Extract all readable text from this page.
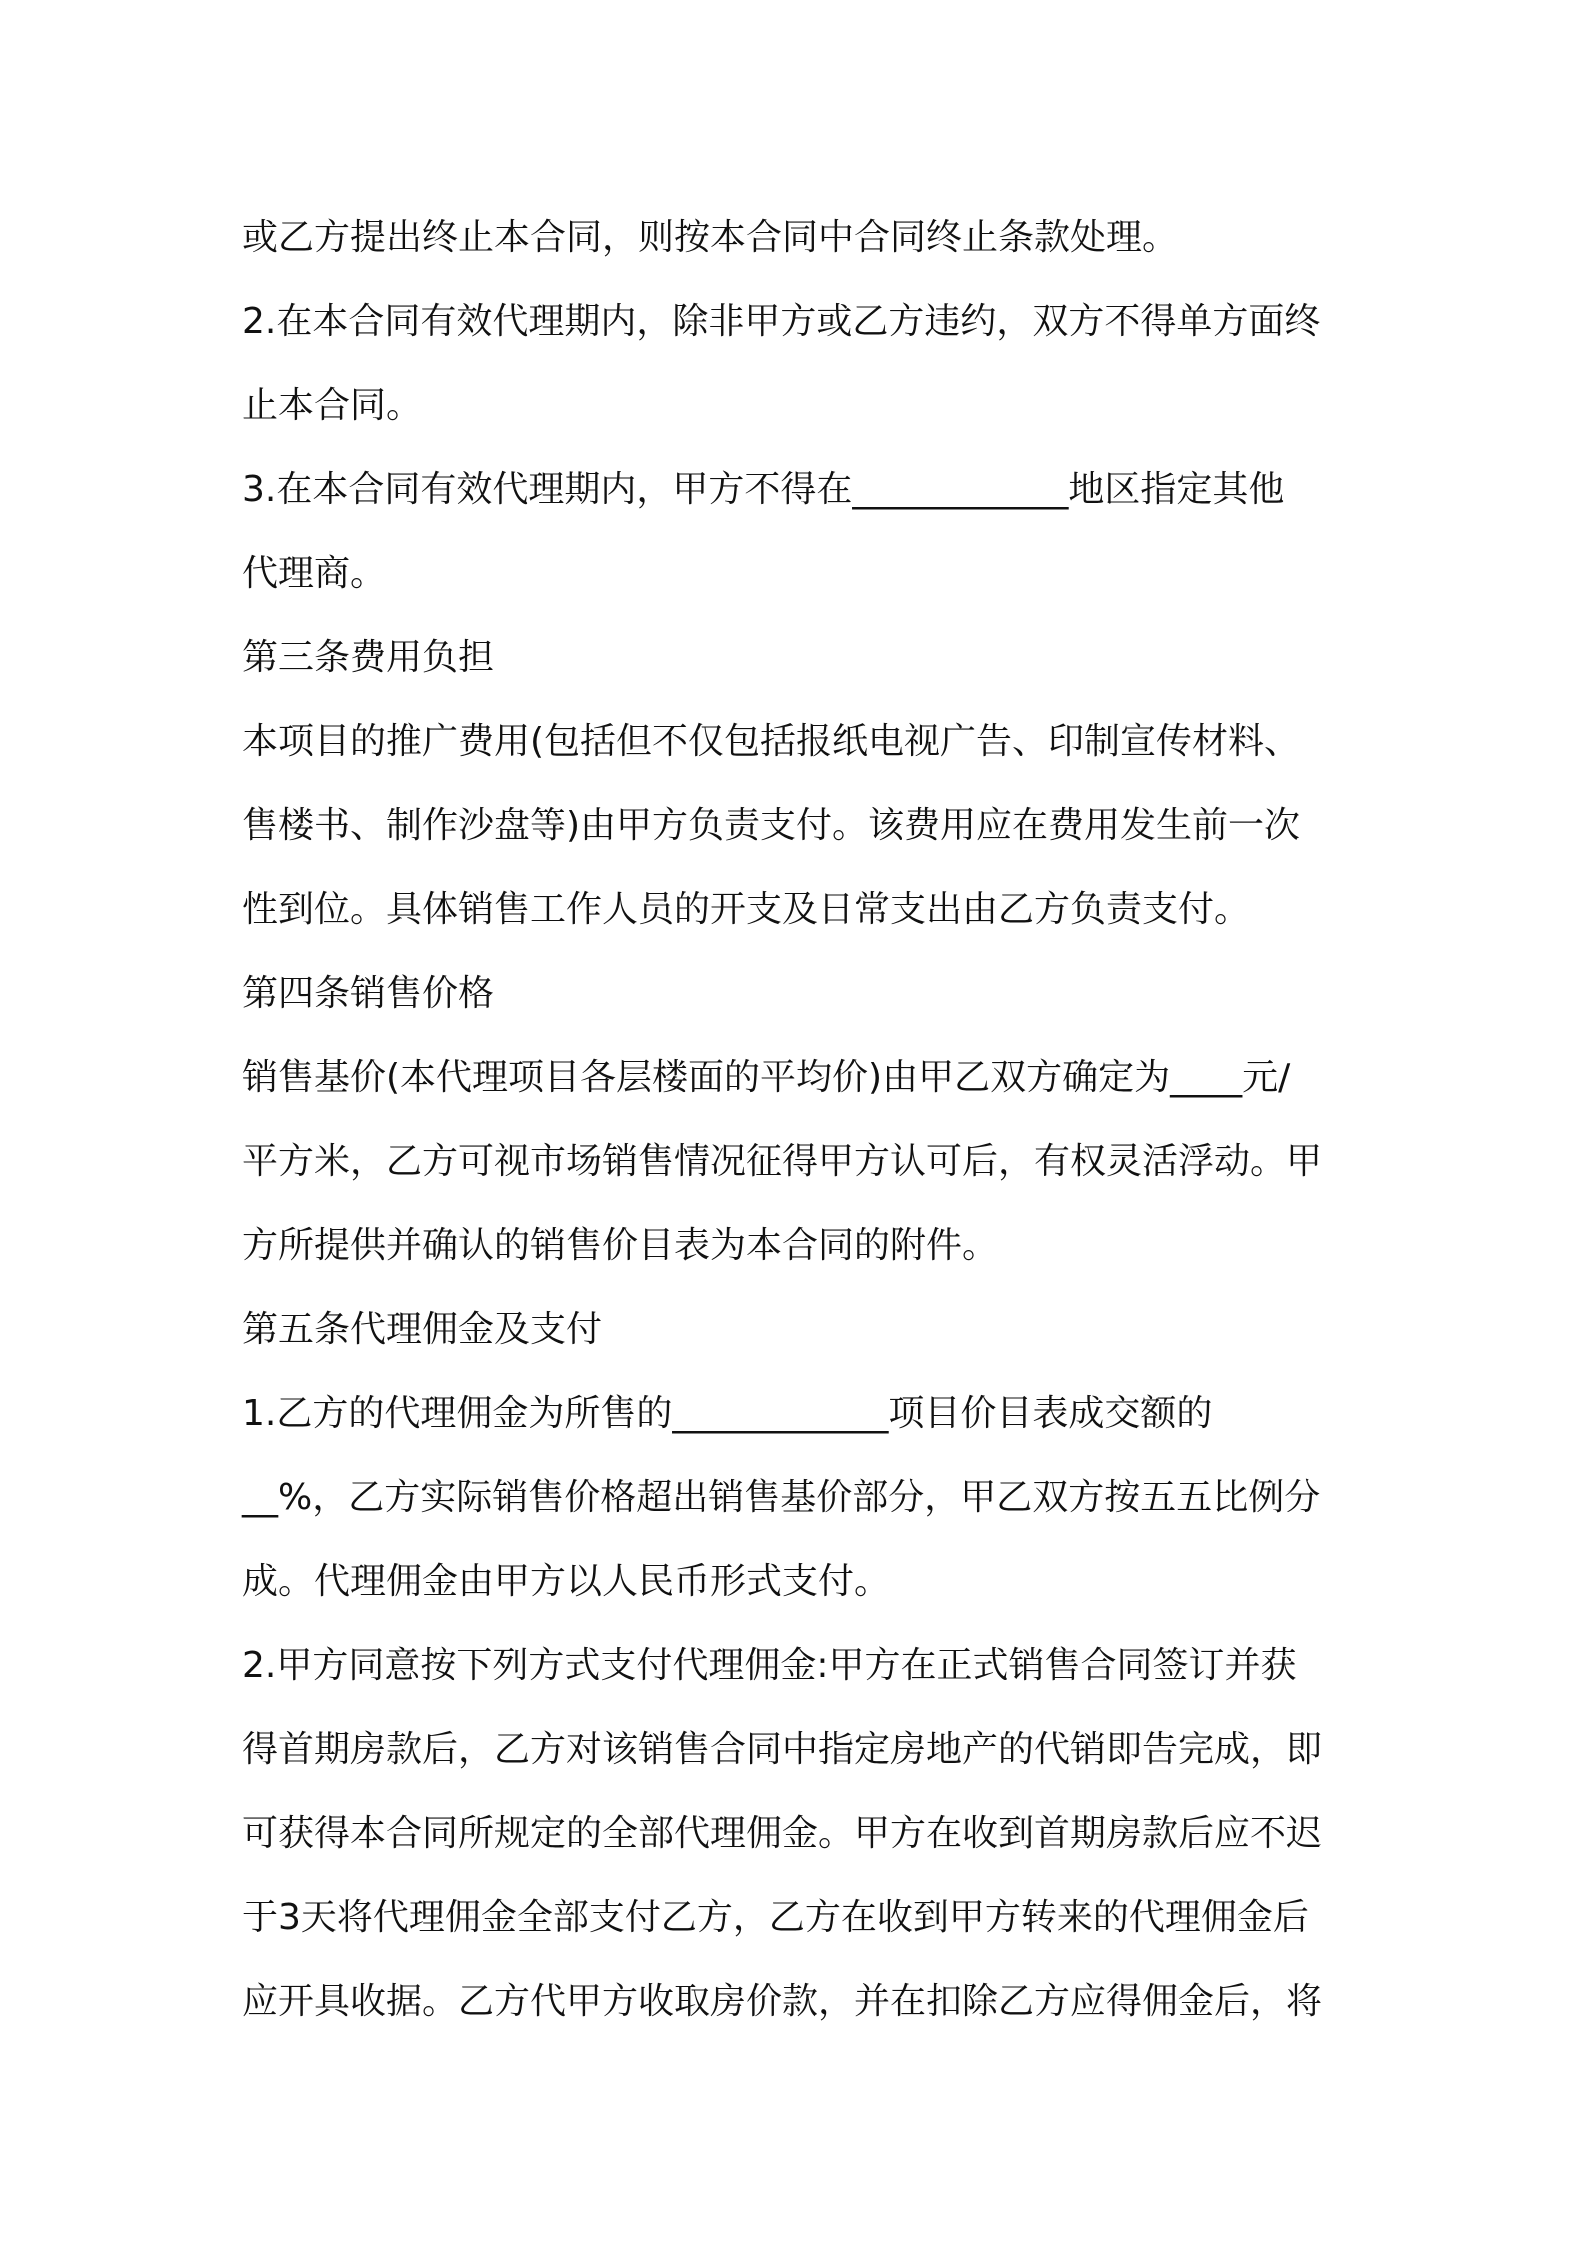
或乙方提出终止本合同，则按本合同中合同终止条款处理。
2.在本合同有效代理期内，除非甲方或乙方违约，双方不得单方面终
止本合同。
3.在本合同有效代理期内，甲方不得在____________地区指定其他
代理商。
第三条费用负担
本项目的推广费用(包括但不仅包括报纸电视广告、印制宣传材料、
售楼书、制作沙盘等)由甲方负责支付。该费用应在费用发生前一次
性到位。具体销售工作人员的开支及日常支出由乙方负责支付。
第四条销售价格
销售基价(本代理项目各层楼面的平均价)由甲乙双方确定为____元/
平方米，乙方可视市场销售情况征得甲方认可后，有权灵活浮动。甲
方所提供并确认的销售价目表为本合同的附件。
第五条代理佣金及支付
1.乙方的代理佣金为所售的____________项目价目表成交额的
__%，乙方实际销售价格超出销售基价部分，甲乙双方按五五比例分
成。代理佣金由甲方以人民币形式支付。
2.甲方同意按下列方式支付代理佣金:甲方在正式销售合同签订并获
得首期房款后，乙方对该销售合同中指定房地产的代销即告完成，即
可获得本合同所规定的全部代理佣金。甲方在收到首期房款后应不迟
于3天将代理佣金全部支付乙方，乙方在收到甲方转来的代理佣金后
应开具收据。乙方代甲方收取房价款，并在扣除乙方应得佣金后，将
